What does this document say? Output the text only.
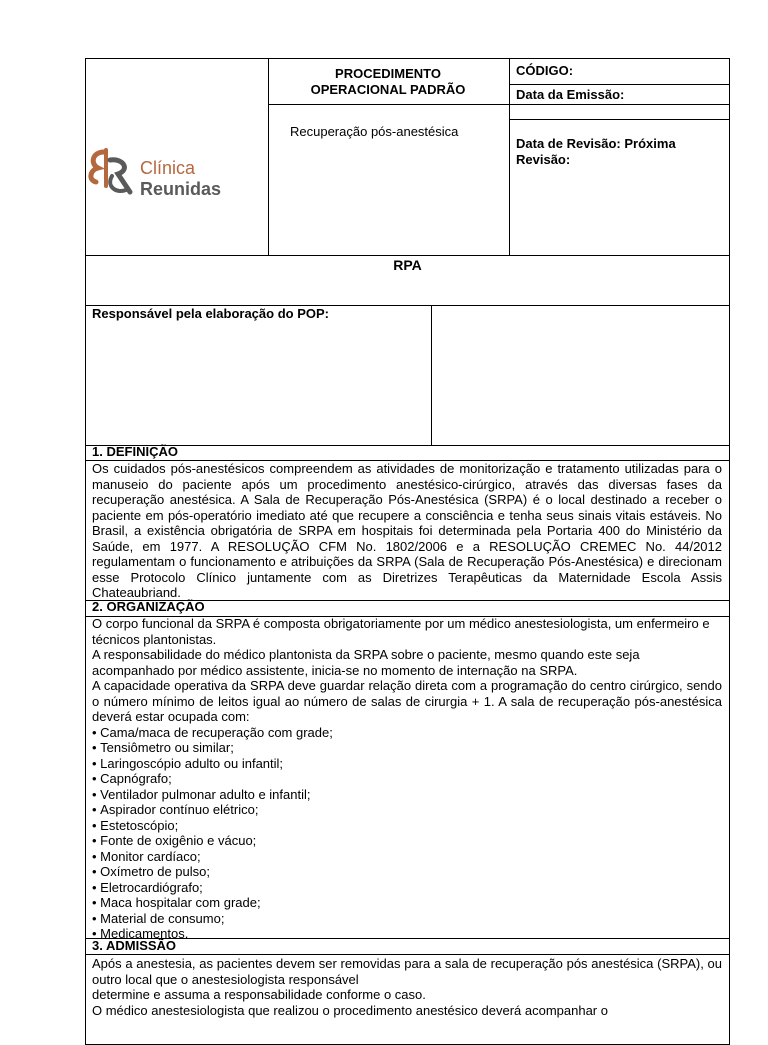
Clínica
Reunidas
PROCEDIMENTO OPERACIONAL PADRÃO
Recuperação pós-anestésica
CÓDIGO:
Data da Emissão:
Data de Revisão: Próxima Revisão:
RPA
Responsável pela elaboração do POP:
1. DEFINIÇÃO
Os cuidados pós-anestésicos compreendem as atividades de monitorização e tratamento utilizadas para o manuseio do paciente após um procedimento anestésico-cirúrgico, através das diversas fases da recuperação anestésica. A Sala de Recuperação Pós-Anestésica (SRPA) é o local destinado a receber o paciente em pós-operatório imediato até que recupere a consciência e tenha seus sinais vitais estáveis. No Brasil, a existência obrigatória de SRPA em hospitais foi determinada pela Portaria 400 do Ministério da Saúde, em 1977. A RESOLUÇÃO CFM No. 1802/2006 e a RESOLUÇÃO CREMEC No. 44/2012 regulamentam o funcionamento e atribuições da SRPA (Sala de Recuperação Pós-Anestésica) e direcionam esse Protocolo Clínico juntamente com as Diretrizes Terapêuticas da Maternidade Escola Assis Chateaubriand.
2. ORGANIZAÇÃO
O corpo funcional da SRPA é composta obrigatoriamente por um médico anestesiologista, um enfermeiro e técnicos plantonistas.
A responsabilidade do médico plantonista da SRPA sobre o paciente, mesmo quando este seja acompanhado por médico assistente, inicia-se no momento de internação na SRPA.
A capacidade operativa da SRPA deve guardar relação direta com a programação do centro cirúrgico, sendo o número mínimo de leitos igual ao número de salas de cirurgia + 1. A sala de recuperação pós-anestésica deverá estar ocupada com:
• Cama/maca de recuperação com grade;
• Tensiômetro ou similar;
• Laringoscópio adulto ou infantil;
• Capnógrafo;
• Ventilador pulmonar adulto e infantil;
• Aspirador contínuo elétrico;
• Estetoscópio;
• Fonte de oxigênio e vácuo;
• Monitor cardíaco;
• Oxímetro de pulso;
• Eletrocardiógrafo;
• Maca hospitalar com grade;
• Material de consumo;
• Medicamentos.
3. ADMISSÃO
Após a anestesia, as pacientes devem ser removidas para a sala de recuperação pós anestésica (SRPA), ou outro local que o anestesiologista responsável
determine e assuma a responsabilidade conforme o caso.
O médico anestesiologista que realizou o procedimento anestésico deverá acompanhar o
